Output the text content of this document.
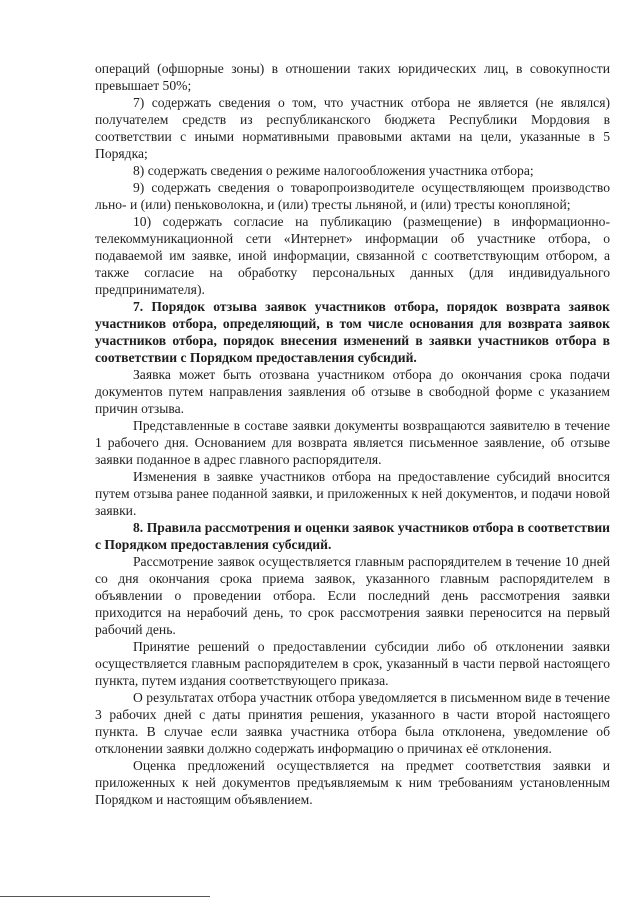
операций (офшорные зоны) в отношении таких юридических лиц, в совокупности превышает 50%;

7) содержать сведения о том, что участник отбора не является (не являлся) получателем средств из республиканского бюджета Республики Мордовия в соответствии с иными нормативными правовыми актами на цели, указанные в 5 Порядка;

8) содержать сведения о режиме налогообложения участника отбора;

9) содержать сведения о товаропроизводителе осуществляющем производство льно- и (или) пеньковолокна, и (или) тресты льняной, и (или) тресты конопляной;

10) содержать согласие на публикацию (размещение) в информационно-телекоммуникационной сети «Интернет» информации об участнике отбора, о подаваемой им заявке, иной информации, связанной с соответствующим отбором, а также согласие на обработку персональных данных (для индивидуального предпринимателя).

7. Порядок отзыва заявок участников отбора, порядок возврата заявок участников отбора, определяющий, в том числе основания для возврата заявок участников отбора, порядок внесения изменений в заявки участников отбора в соответствии с Порядком предоставления субсидий.

Заявка может быть отозвана участником отбора до окончания срока подачи документов путем направления заявления об отзыве в свободной форме с указанием причин отзыва.

Представленные в составе заявки документы возвращаются заявителю в течение 1 рабочего дня. Основанием для возврата является письменное заявление, об отзыве заявки поданное в адрес главного распорядителя.

Изменения в заявке участников отбора на предоставление субсидий вносится путем отзыва ранее поданной заявки, и приложенных к ней документов, и подачи новой заявки.

8. Правила рассмотрения и оценки заявок участников отбора в соответствии с Порядком предоставления субсидий.

Рассмотрение заявок осуществляется главным распорядителем в течение 10 дней со дня окончания срока приема заявок, указанного главным распорядителем в объявлении о проведении отбора. Если последний день рассмотрения заявки приходится на нерабочий день, то срок рассмотрения заявки переносится на первый рабочий день.

Принятие решений о предоставлении субсидии либо об отклонении заявки осуществляется главным распорядителем в срок, указанный в части первой настоящего пункта, путем издания соответствующего приказа.

О результатах отбора участник отбора уведомляется в письменном виде в течение 3 рабочих дней с даты принятия решения, указанного в части второй настоящего пункта. В случае если заявка участника отбора была отклонена, уведомление об отклонении заявки должно содержать информацию о причинах её отклонения.

Оценка предложений осуществляется на предмет соответствия заявки и приложенных к ней документов предъявляемым к ним требованиям установленным Порядком и настоящим объявлением.
